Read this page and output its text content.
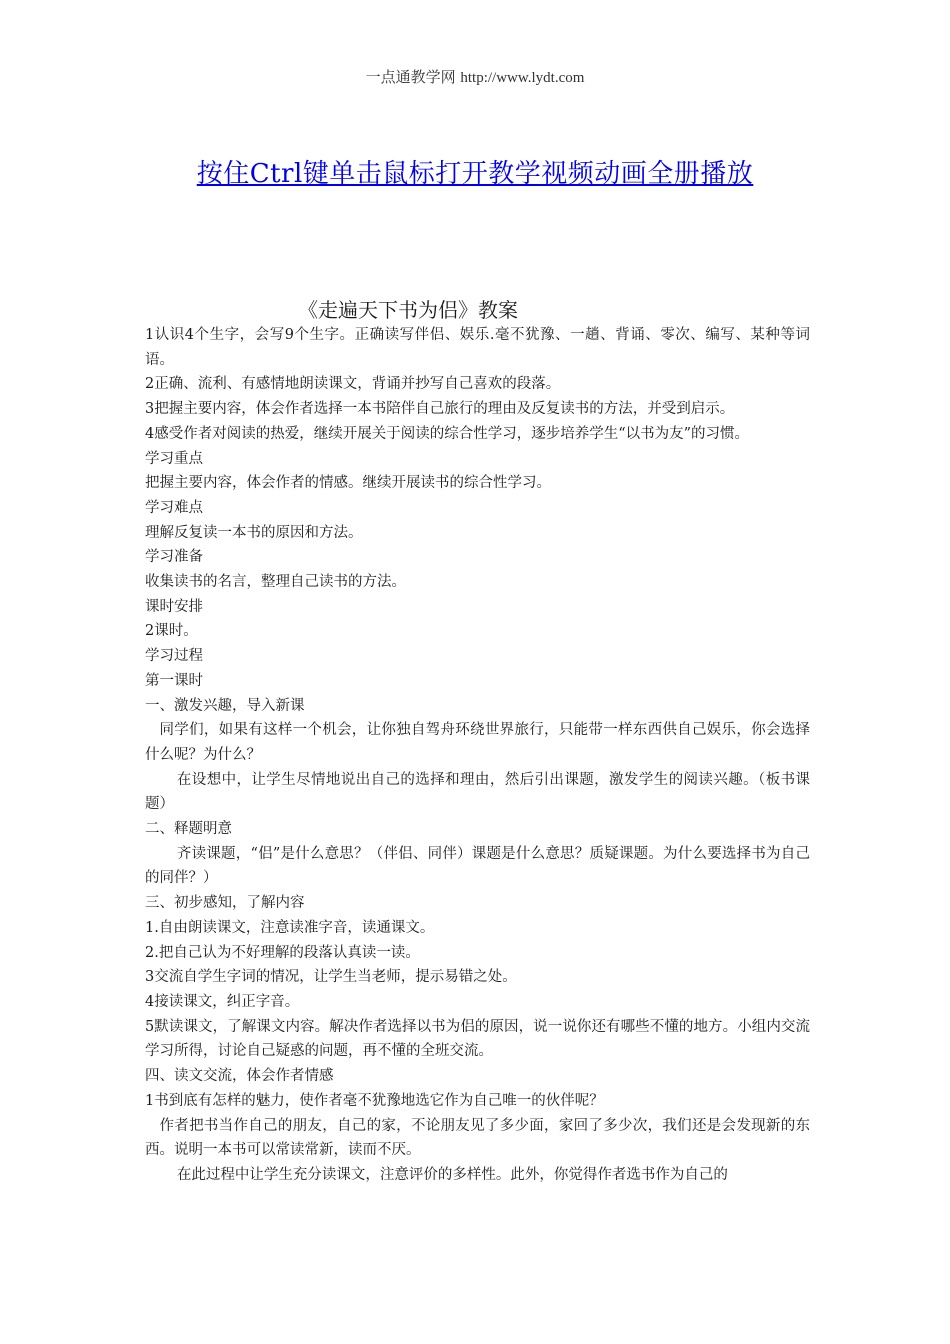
一点通教学网 http://www.lydt.com
按住Ctrl键单击鼠标打开教学视频动画全册播放
《走遍天下书为侣》教案

1认识4个生字，会写9个生字。正确读写伴侣、娱乐.毫不犹豫、一趟、背诵、零次、编写、某种等词语。

2正确、流利、有感情地朗读课文，背诵并抄写自己喜欢的段落。

3把握主要内容，体会作者选择一本书陪伴自己旅行的理由及反复读书的方法，并受到启示。

4感受作者对阅读的热爱，继续开展关于阅读的综合性学习，逐步培养学生“以书为友”的习惯。

学习重点

把握主要内容，体会作者的情感。继续开展读书的综合性学习。

学习难点

理解反复读一本书的原因和方法。

学习准备

收集读书的名言，整理自己读书的方法。

课时安排

2课时。

学习过程

第一课时

一、激发兴趣，导入新课

同学们，如果有这样一个机会，让你独自驾舟环绕世界旅行，只能带一样东西供自己娱乐，你会选择什么呢？为什么？

在设想中，让学生尽情地说出自己的选择和理由，然后引出课题，激发学生的阅读兴趣。（板书课题）

二、释题明意

齐读课题，“侣”是什么意思？（伴侣、同伴）课题是什么意思？质疑课题。为什么要选择书为自己的同伴？）

三、初步感知，了解内容

1.自由朗读课文，注意读准字音，读通课文。

2.把自己认为不好理解的段落认真读一读。

3交流自学生字词的情况，让学生当老师，提示易错之处。

4接读课文，纠正字音。

5默读课文，了解课文内容。解决作者选择以书为侣的原因，说一说你还有哪些不懂的地方。小组内交流学习所得，讨论自己疑惑的问题，再不懂的全班交流。

四、读文交流，体会作者情感

1书到底有怎样的魅力，使作者毫不犹豫地选它作为自己唯一的伙伴呢？

作者把书当作自己的朋友，自己的家，不论朋友见了多少面，家回了多少次，我们还是会发现新的东西。说明一本书可以常读常新，读而不厌。

在此过程中让学生充分读课文，注意评价的多样性。此外，你觉得作者选书作为自己的
